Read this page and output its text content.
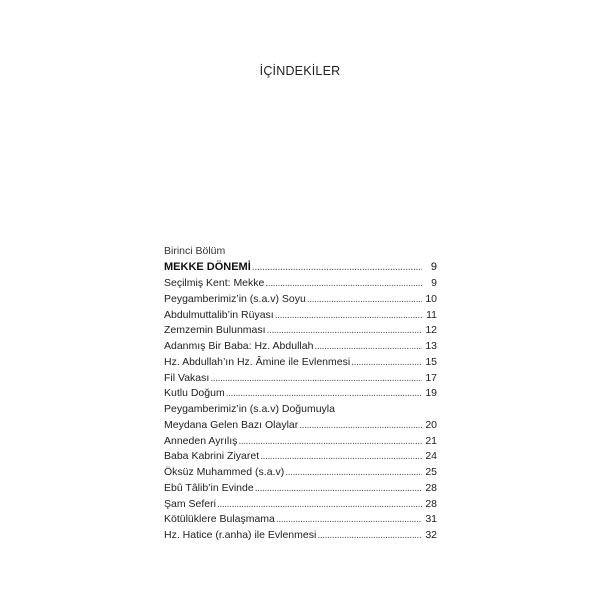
İÇİNDEKİLER
Birinci Bölüm
MEKKE DÖNEMİ .....	9
Seçilmiş Kent: Mekke .....	9
Peygamberimiz’in (s.a.v) Soyu .....	10
Abdulmuttalib’in Rüyası .....	11
Zemzemin Bulunması .....	12
Adanmış Bir Baba: Hz. Abdullah .....	13
Hz. Abdullah’ın Hz. Âmine ile Evlenmesi .....	15
Fil Vakası .....	17
Kutlu Doğum .....	19
Peygamberimiz’in (s.a.v) Doğumuyla
Meydana Gelen Bazı Olaylar .....	20
Anneden Ayrılış .....	21
Baba Kabrini Ziyaret .....	24
Öksüz Muhammed (s.a.v) .....	25
Ebû Tâlib’in Evinde .....	28
Şam Seferi .....	28
Kötülüklere Bulaşmama .....	31
Hz. Hatice (r.anha) ile Evlenmesi .....	32
